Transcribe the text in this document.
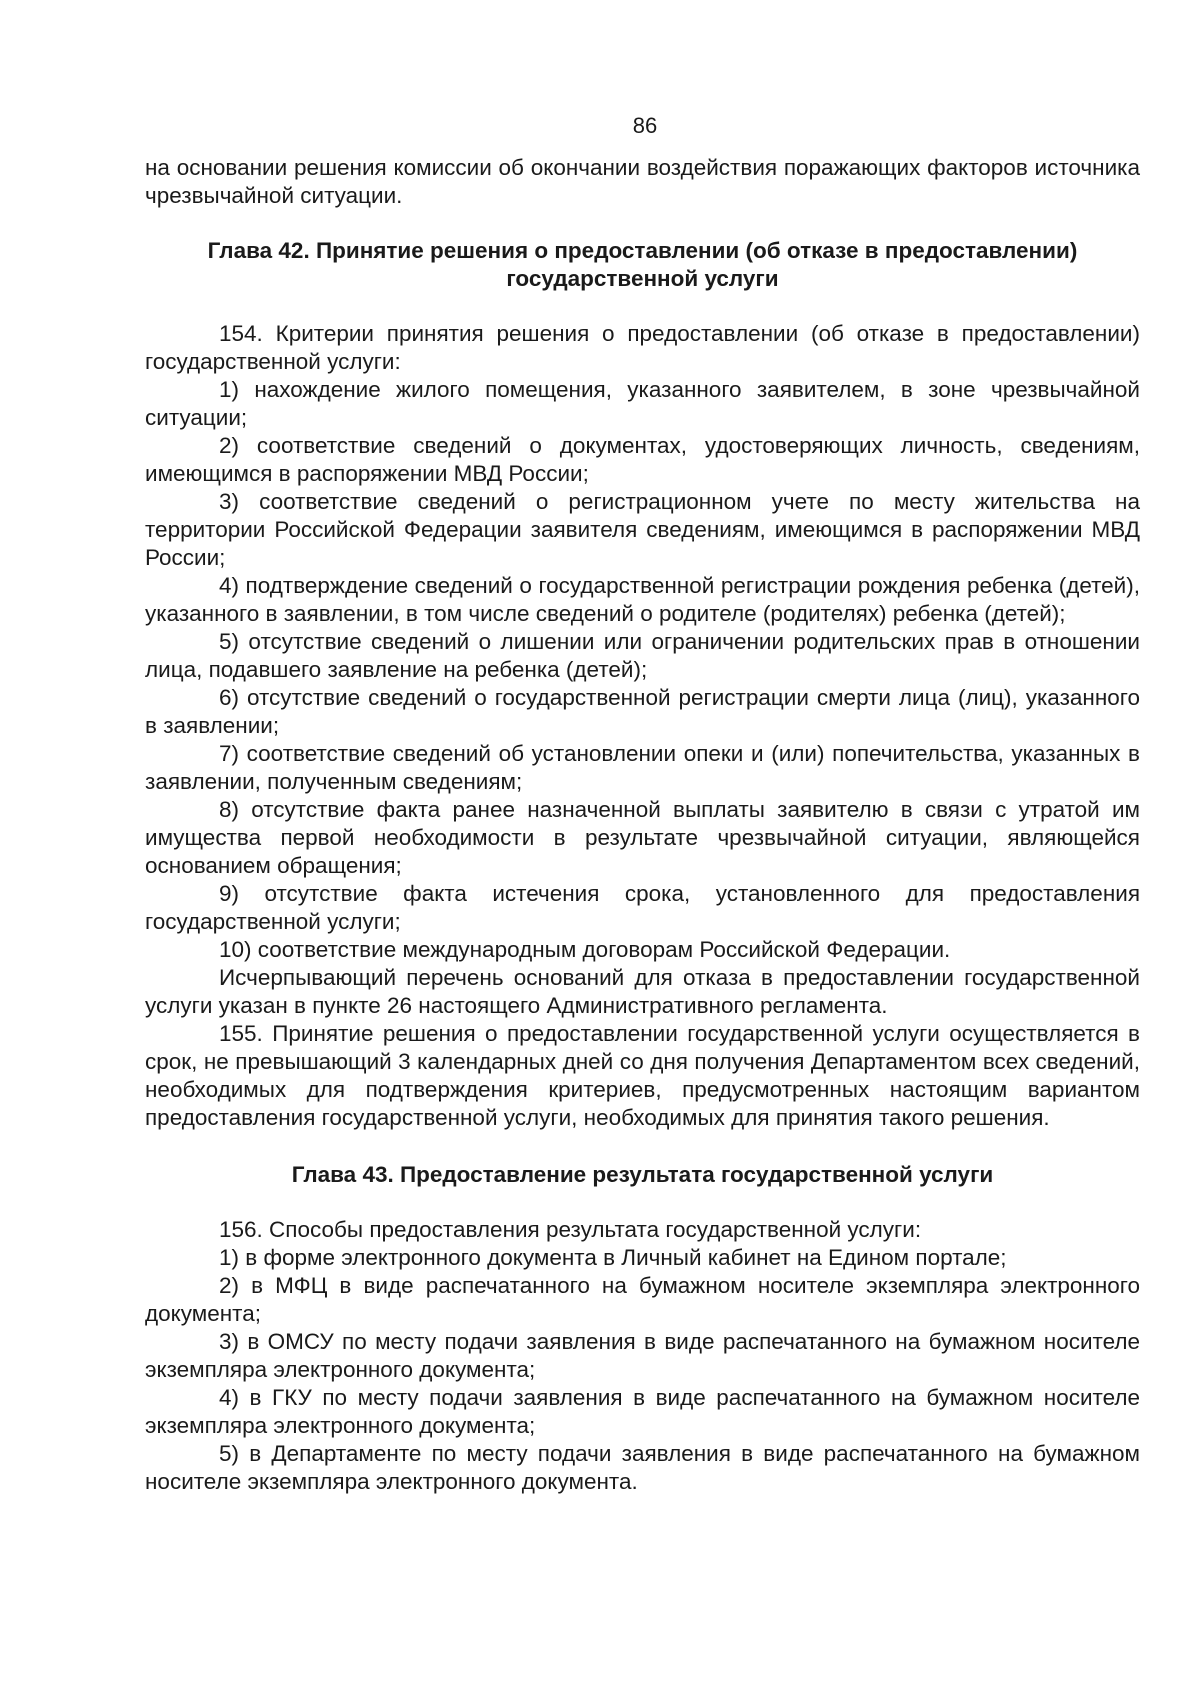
86

на основании решения комиссии об окончании воздействия поражающих факторов источника чрезвычайной ситуации.

Глава 42. Принятие решения о предоставлении (об отказе в предоставлении) государственной услуги

154. Критерии принятия решения о предоставлении (об отказе в предоставлении) государственной услуги:

1) нахождение жилого помещения, указанного заявителем, в зоне чрезвычайной ситуации;

2) соответствие сведений о документах, удостоверяющих личность, сведениям, имеющимся в распоряжении МВД России;

3) соответствие сведений о регистрационном учете по месту жительства на территории Российской Федерации заявителя сведениям, имеющимся в распоряжении МВД России;

4) подтверждение сведений о государственной регистрации рождения ребенка (детей), указанного в заявлении, в том числе сведений о родителе (родителях) ребенка (детей);

5) отсутствие сведений о лишении или ограничении родительских прав в отношении лица, подавшего заявление на ребенка (детей);

6) отсутствие сведений о государственной регистрации смерти лица (лиц), указанного в заявлении;

7) соответствие сведений об установлении опеки и (или) попечительства, указанных в заявлении, полученным сведениям;

8) отсутствие факта ранее назначенной выплаты заявителю в связи с утратой им имущества первой необходимости в результате чрезвычайной ситуации, являющейся основанием обращения;

9) отсутствие факта истечения срока, установленного для предоставления государственной услуги;

10) соответствие международным договорам Российской Федерации.

Исчерпывающий перечень оснований для отказа в предоставлении государственной услуги указан в пункте 26 настоящего Административного регламента.

155. Принятие решения о предоставлении государственной услуги осуществляется в срок, не превышающий 3 календарных дней со дня получения Департаментом всех сведений, необходимых для подтверждения критериев, предусмотренных настоящим вариантом предоставления государственной услуги, необходимых для принятия такого решения.

Глава 43. Предоставление результата государственной услуги

156. Способы предоставления результата государственной услуги:

1) в форме электронного документа в Личный кабинет на Едином портале;

2) в МФЦ в виде распечатанного на бумажном носителе экземпляра электронного документа;

3) в ОМСУ по месту подачи заявления в виде распечатанного на бумажном носителе экземпляра электронного документа;

4) в ГКУ по месту подачи заявления в виде распечатанного на бумажном носителе экземпляра электронного документа;

5) в Департаменте по месту подачи заявления в виде распечатанного на бумажном носителе экземпляра электронного документа.
